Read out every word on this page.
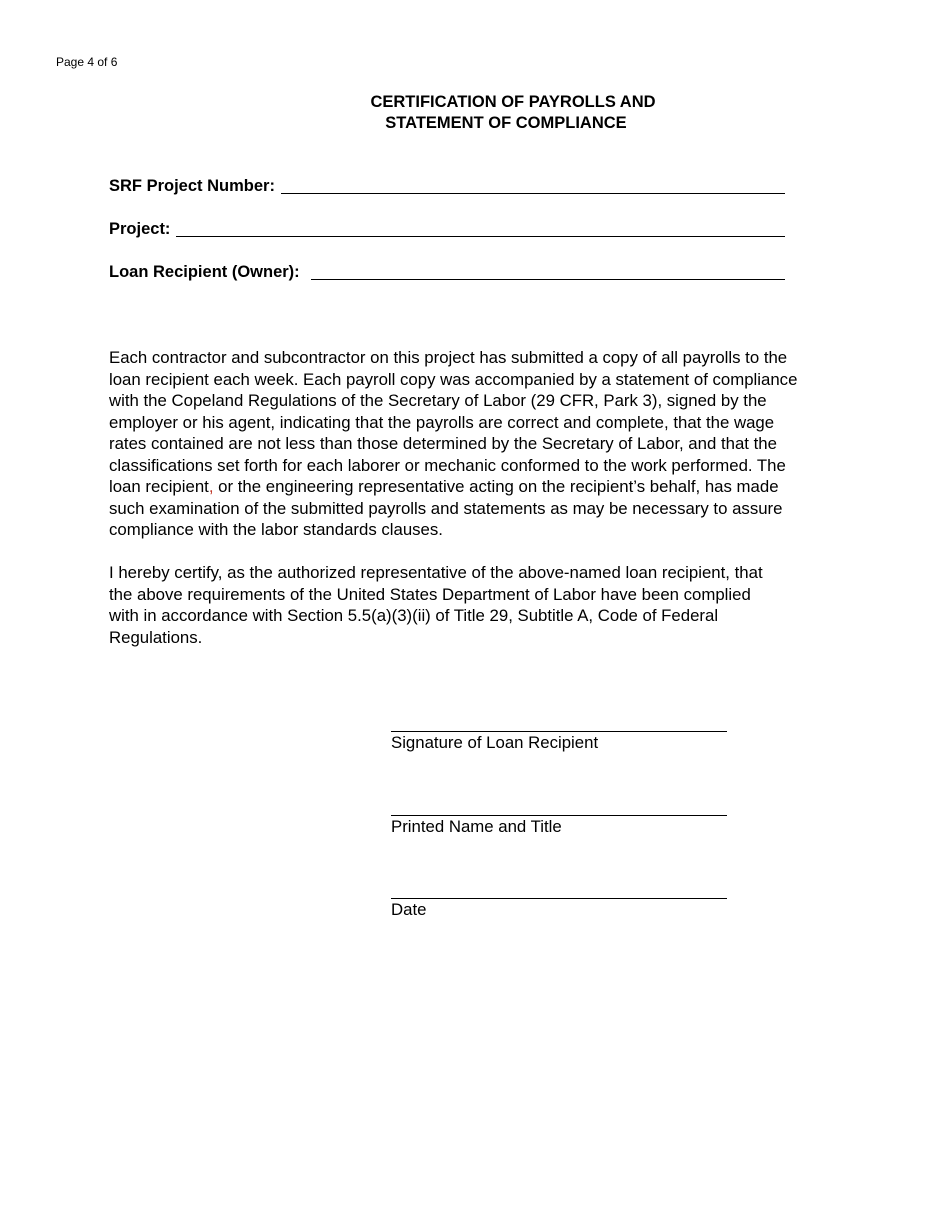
Page 4 of 6
CERTIFICATION OF PAYROLLS AND
STATEMENT OF COMPLIANCE
SRF Project Number:
Project:
Loan Recipient (Owner):
Each contractor and subcontractor on this project has submitted a copy of all payrolls to the
loan recipient each week. Each payroll copy was accompanied by a statement of compliance
with the Copeland Regulations of the Secretary of Labor (29 CFR, Park 3), signed by the
employer or his agent, indicating that the payrolls are correct and complete, that the wage
rates contained are not less than those determined by the Secretary of Labor, and that the
classifications set forth for each laborer or mechanic conformed to the work performed. The
loan recipient, or the engineering representative acting on the recipient’s behalf, has made
such examination of the submitted payrolls and statements as may be necessary to assure
compliance with the labor standards clauses.
I hereby certify, as the authorized representative of the above-named loan recipient, that
the above requirements of the United States Department of Labor have been complied
with in accordance with Section 5.5(a)(3)(ii) of Title 29, Subtitle A, Code of Federal
Regulations.
Signature of Loan Recipient
Printed Name and Title
Date
